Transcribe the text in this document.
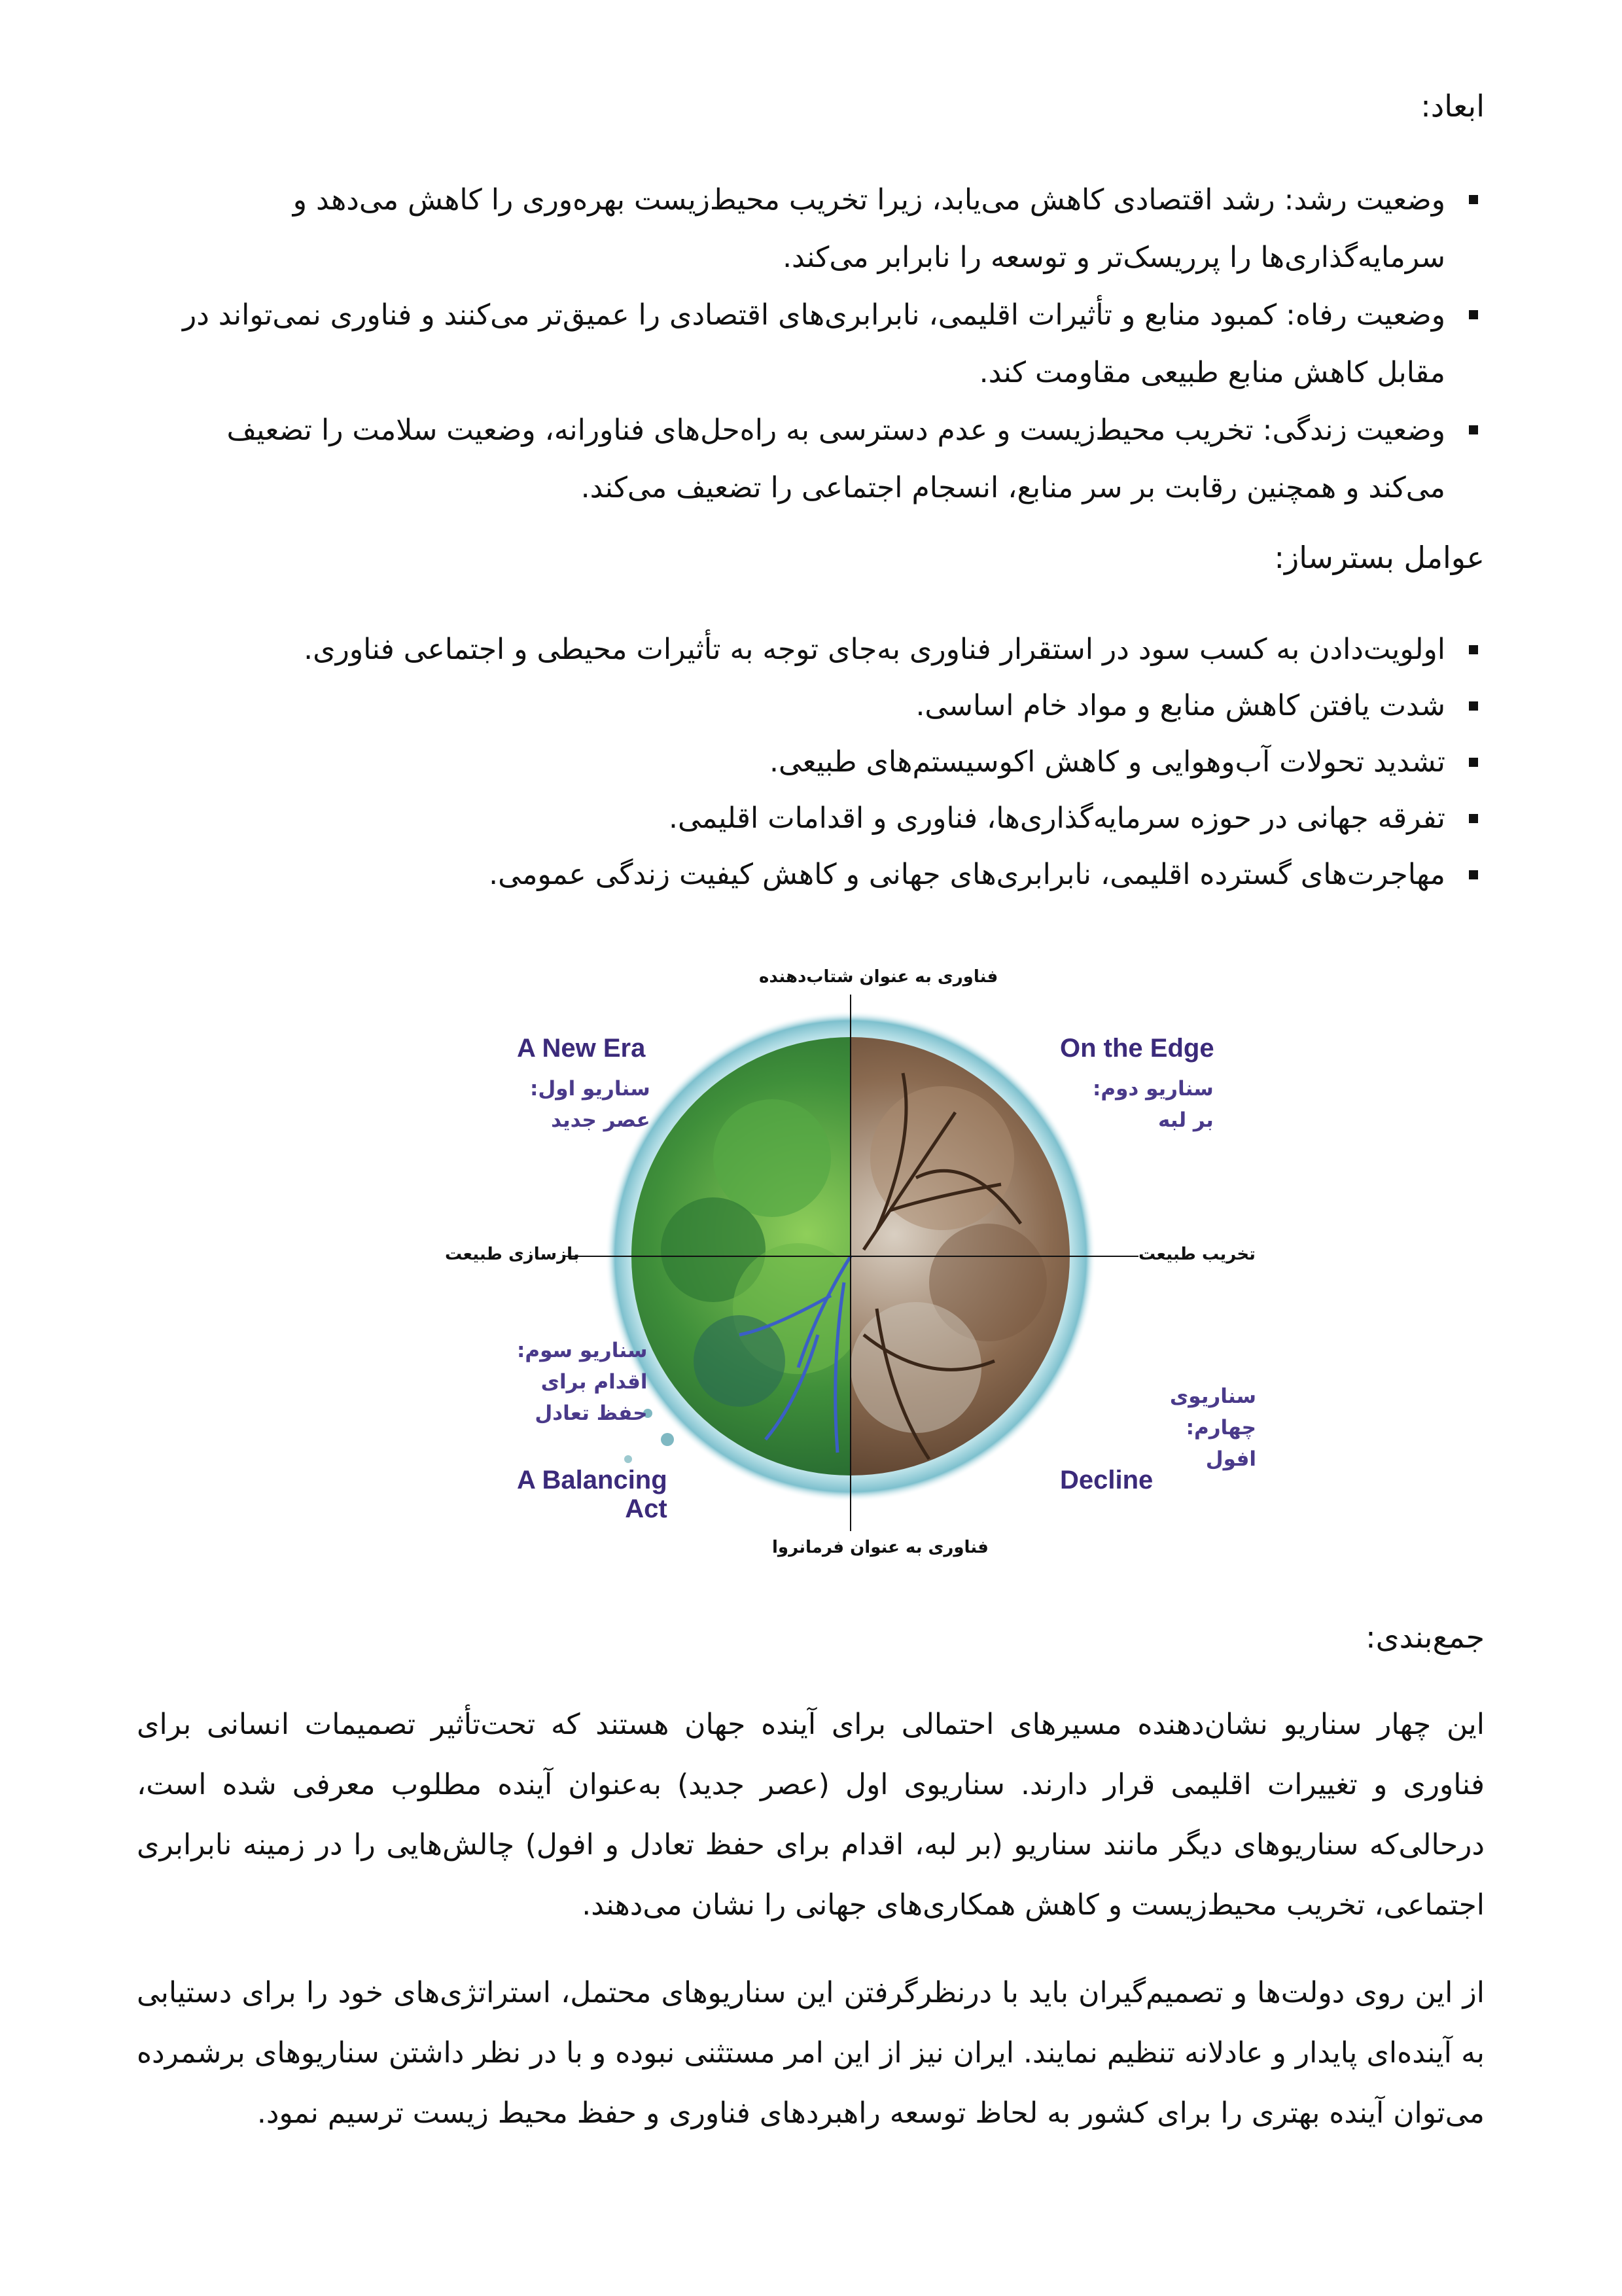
ابعاد:
وضعیت رشد: رشد اقتصادی کاهش می‌یابد، زیرا تخریب محیط‌زیست بهره‌وری را کاهش می‌دهد و
سرمایه‌گذاری‌ها را پرریسک‌تر و توسعه را نابرابر می‌کند.
وضعیت رفاه: کمبود منابع و تأثیرات اقلیمی، نابرابری‌های اقتصادی را عمیق‌تر می‌کنند و فناوری نمی‌تواند در
مقابل کاهش منابع طبیعی مقاومت کند.
وضعیت زندگی: تخریب محیط‌زیست و عدم دسترسی به راه‌حل‌های فناورانه، وضعیت سلامت را تضعیف
می‌کند و همچنین رقابت بر سر منابع، انسجام اجتماعی را تضعیف می‌کند.
عوامل بسترساز:
اولویت‌دادن به کسب سود در استقرار فناوری به‌جای توجه به تأثیرات محیطی و اجتماعی فناوری.
شدت یافتن کاهش منابع و مواد خام اساسی.
تشدید تحولات آب‌وهوایی و کاهش اکوسیستم‌های طبیعی.
تفرقه جهانی در حوزه سرمایه‌گذاری‌ها، فناوری و اقدامات اقلیمی.
مهاجرت‌های گسترده اقلیمی، نابرابری‌های جهانی و کاهش کیفیت زندگی عمومی.
فناوری به عنوان شتاب‌دهنده
فناوری به عنوان فرمانروا
بازسازی طبیعت	تخریب طبیعت
A New Era
سناریو اول:
عصر جدید
On the Edge
سناریو دوم:
بر لبه
سناریو سوم:
اقدام برای
حفظ تعادل
A Balancing
Act
سناریوی چهارم:
افول
Decline
جمع‌بندی:

این چهار سناریو نشان‌دهنده مسیرهای احتمالی برای آینده جهان هستند که تحت‌تأثیر تصمیمات انسانی برای فناوری و تغییرات اقلیمی قرار دارند. سناریوی اول (عصر جدید) به‌عنوان آینده مطلوب معرفی شده است، درحالی‌که سناریوهای دیگر مانند سناریو (بر لبه، اقدام برای حفظ تعادل و افول) چالش‌هایی را در زمینه نابرابری اجتماعی، تخریب محیط‌زیست و کاهش همکاری‌های جهانی را نشان می‌دهند.

از این روی دولت‌ها و تصمیم‌گیران باید با درنظرگرفتن این سناریوهای محتمل، استراتژی‌های خود را برای دستیابی به آینده‌ای پایدار و عادلانه تنظیم نمایند. ایران نیز از این امر مستثنی نبوده و با در نظر داشتن سناریوهای برشمرده می‌توان آینده بهتری را برای کشور به لحاظ توسعه راهبردهای فناوری و حفظ محیط زیست ترسیم نمود.
